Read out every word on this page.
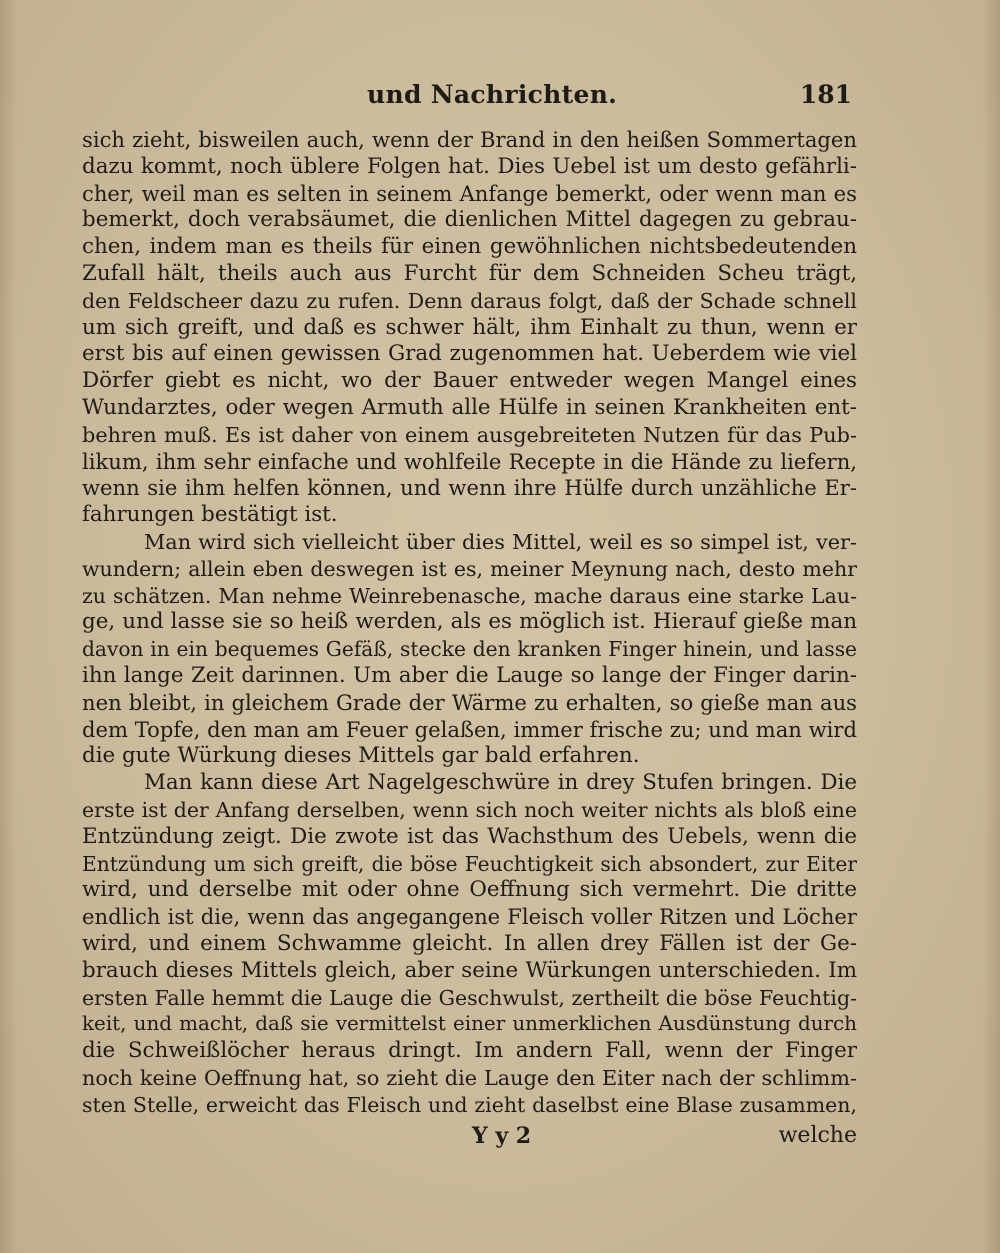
und Nachrichten.	181
sich zieht, bisweilen auch, wenn der Brand in den heißen Sommertagen
dazu kommt, noch üblere Folgen hat. Dies Uebel ist um desto gefährli-
cher, weil man es selten in seinem Anfange bemerkt, oder wenn man es
bemerkt, doch verabsäumet, die dienlichen Mittel dagegen zu gebrau-
chen, indem man es theils für einen gewöhnlichen nichtsbedeutenden
Zufall hält, theils auch aus Furcht für dem Schneiden Scheu trägt,
den Feldscheer dazu zu rufen. Denn daraus folgt, daß der Schade schnell
um sich greift, und daß es schwer hält, ihm Einhalt zu thun, wenn er
erst bis auf einen gewissen Grad zugenommen hat. Ueberdem wie viel
Dörfer giebt es nicht, wo der Bauer entweder wegen Mangel eines
Wundarztes, oder wegen Armuth alle Hülfe in seinen Krankheiten ent-
behren muß. Es ist daher von einem ausgebreiteten Nutzen für das Pub-
likum, ihm sehr einfache und wohlfeile Recepte in die Hände zu liefern,
wenn sie ihm helfen können, und wenn ihre Hülfe durch unzähliche Er-
fahrungen bestätigt ist.
Man wird sich vielleicht über dies Mittel, weil es so simpel ist, ver-
wundern; allein eben deswegen ist es, meiner Meynung nach, desto mehr
zu schätzen. Man nehme Weinrebenasche, mache daraus eine starke Lau-
ge, und lasse sie so heiß werden, als es möglich ist. Hierauf gieße man
davon in ein bequemes Gefäß, stecke den kranken Finger hinein, und lasse
ihn lange Zeit darinnen. Um aber die Lauge so lange der Finger darin-
nen bleibt, in gleichem Grade der Wärme zu erhalten, so gieße man aus
dem Topfe, den man am Feuer gelaßen, immer frische zu; und man wird
die gute Würkung dieses Mittels gar bald erfahren.
Man kann diese Art Nagelgeschwüre in drey Stufen bringen. Die
erste ist der Anfang derselben, wenn sich noch weiter nichts als bloß eine
Entzündung zeigt. Die zwote ist das Wachsthum des Uebels, wenn die
Entzündung um sich greift, die böse Feuchtigkeit sich absondert, zur Eiter
wird, und derselbe mit oder ohne Oeffnung sich vermehrt. Die dritte
endlich ist die, wenn das angegangene Fleisch voller Ritzen und Löcher
wird, und einem Schwamme gleicht. In allen drey Fällen ist der Ge-
brauch dieses Mittels gleich, aber seine Würkungen unterschieden. Im
ersten Falle hemmt die Lauge die Geschwulst, zertheilt die böse Feuchtig-
keit, und macht, daß sie vermittelst einer unmerklichen Ausdünstung durch
die Schweißlöcher heraus dringt. Im andern Fall, wenn der Finger
noch keine Oeffnung hat, so zieht die Lauge den Eiter nach der schlimm-
sten Stelle, erweicht das Fleisch und zieht daselbst eine Blase zusammen,
Y y 2	welche
